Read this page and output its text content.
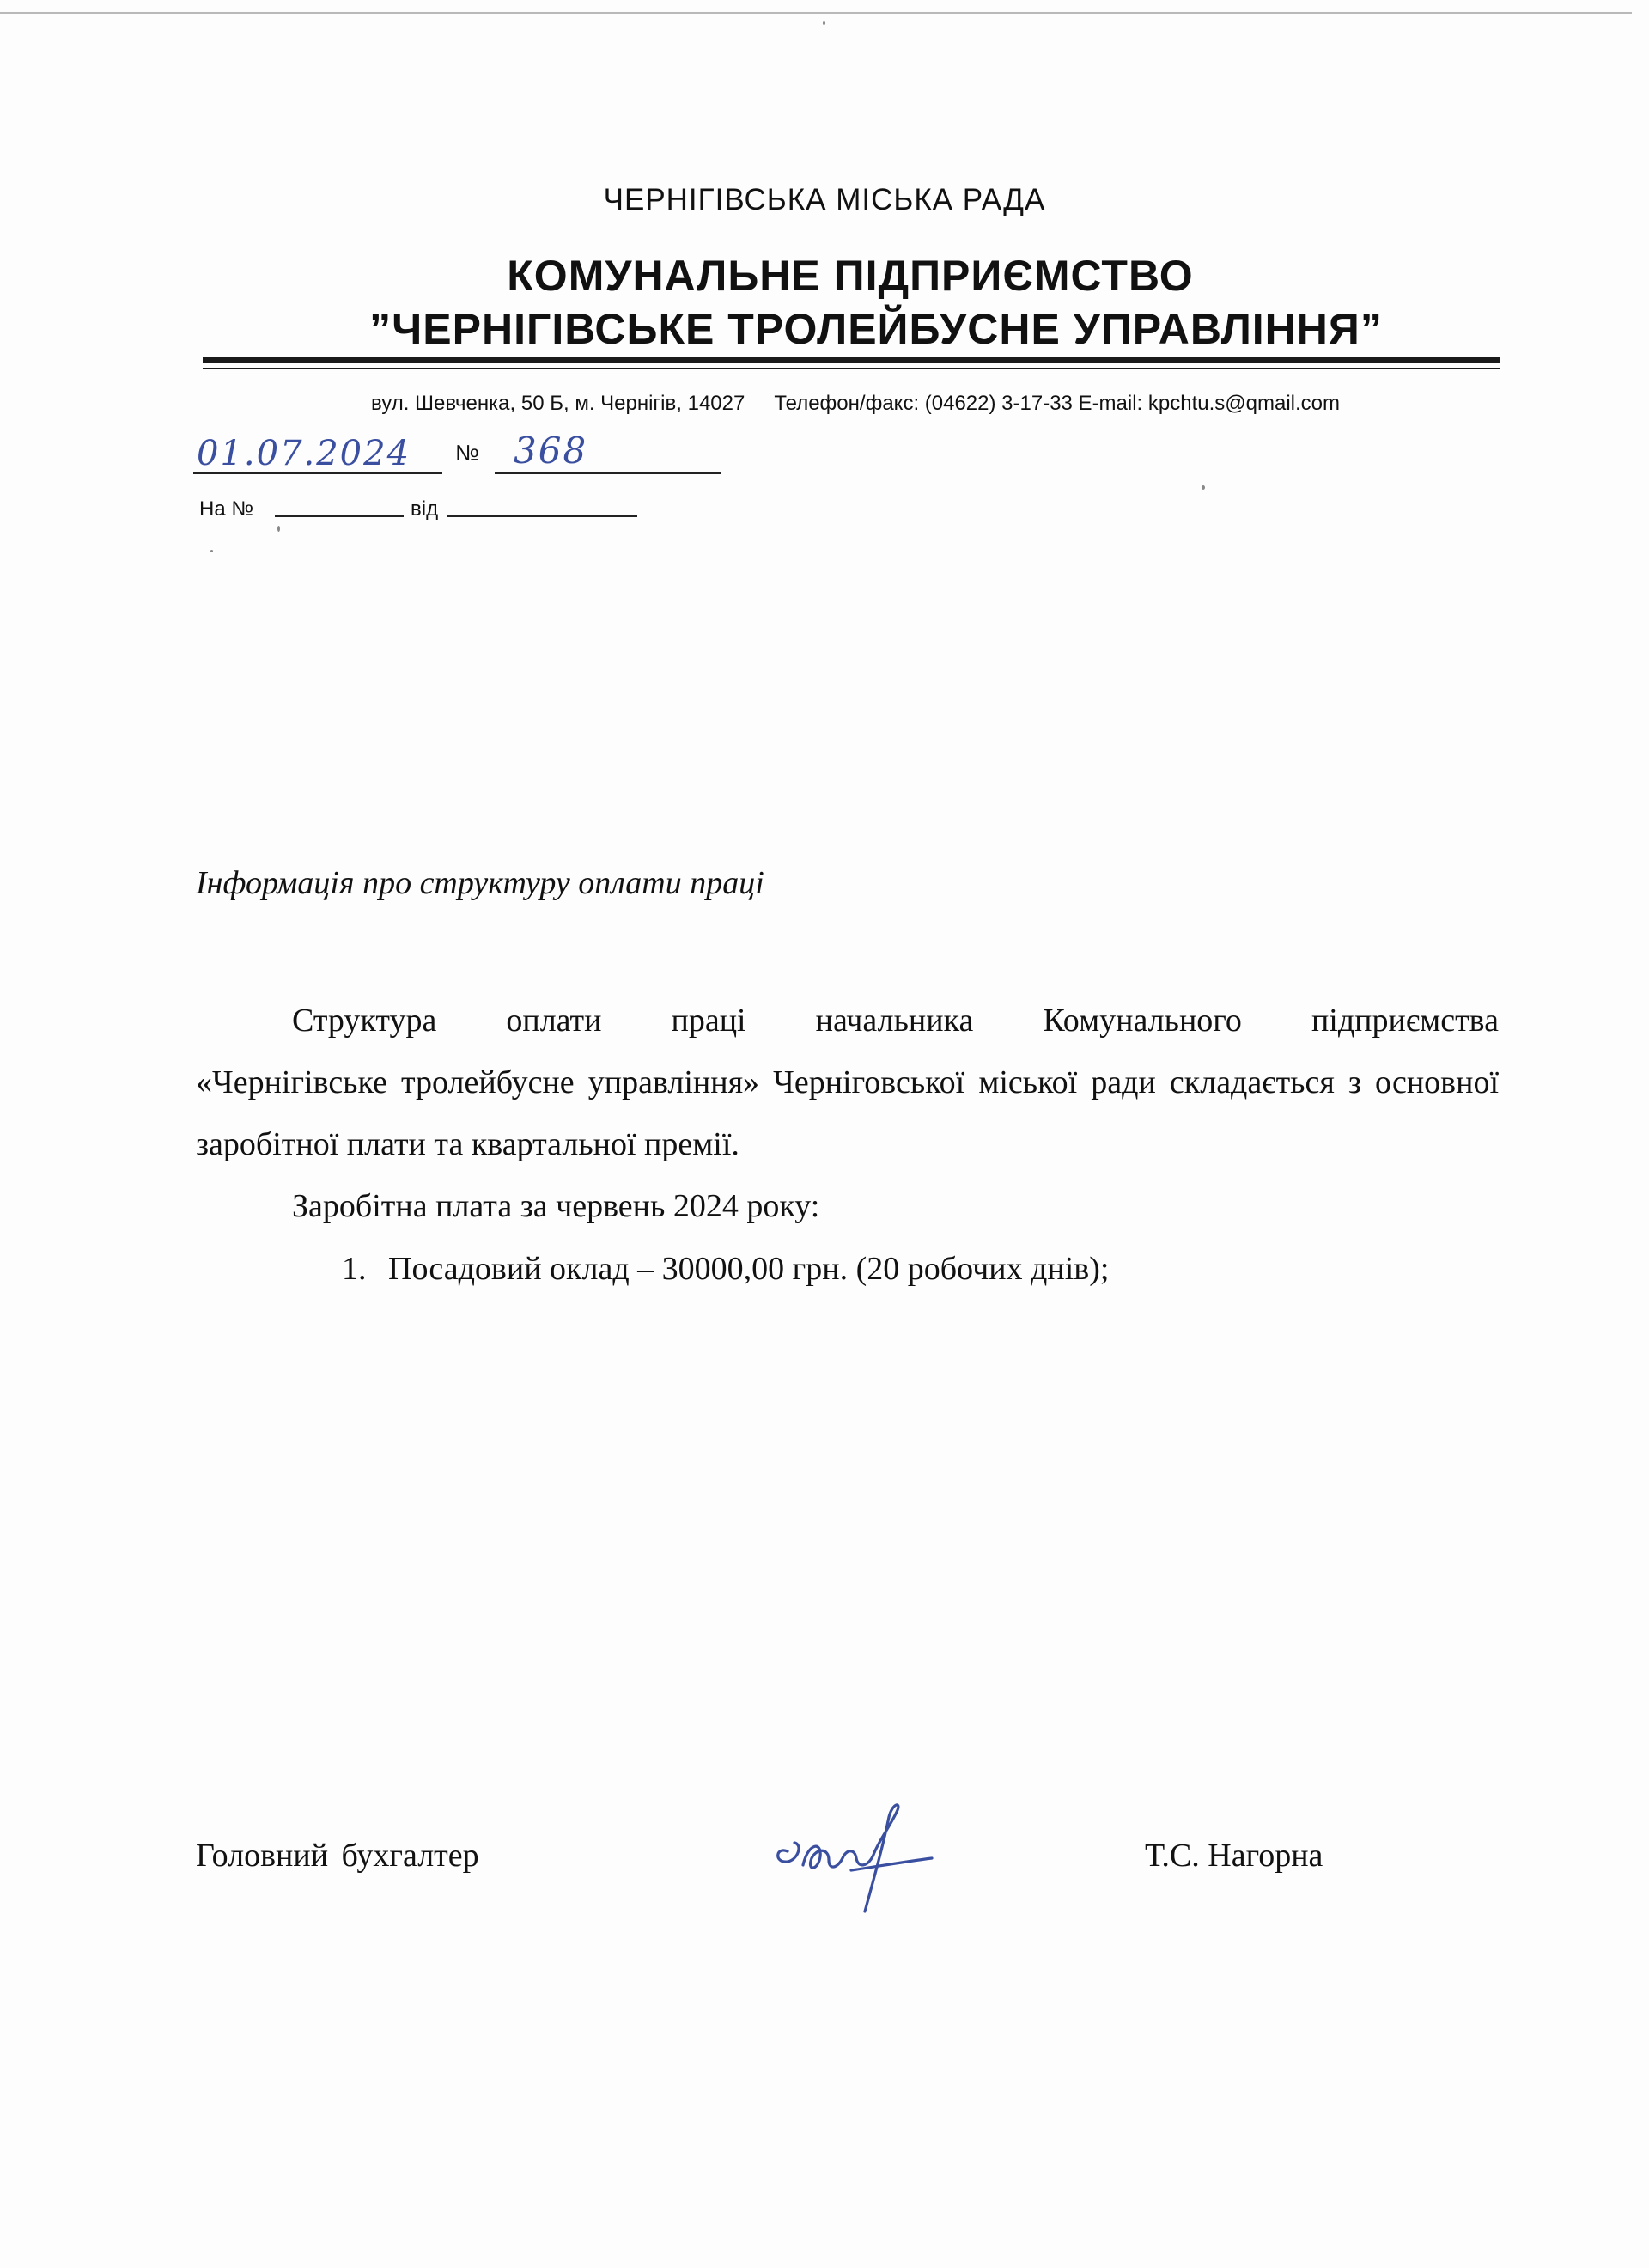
ЧЕРНІГІВСЬКА МІСЬКА РАДА
КОМУНАЛЬНЕ ПІДПРИЄМСТВО
”ЧЕРНІГІВСЬКЕ ТРОЛЕЙБУСНЕ УПРАВЛІННЯ”
вул. Шевченка, 50 Б, м. Чернігів, 14027 Телефон/факс: (04622) 3-17-33 E-mail: kpchtu.s@qmail.com
01.07.2024 № 368
На №	від
Інформація про структуру оплати праці

Структура оплати праці начальника Комунального підприємства

«Чернігівське тролейбусне управління» Черніговської міської ради складається з основної заробітної плати та квартальної премії.

Заробітна плата за червень 2024 року:

1. Посадовий оклад – 30000,00 грн. (20 робочих днів);
Головний бухгалтер	Т.С. Нагорна
